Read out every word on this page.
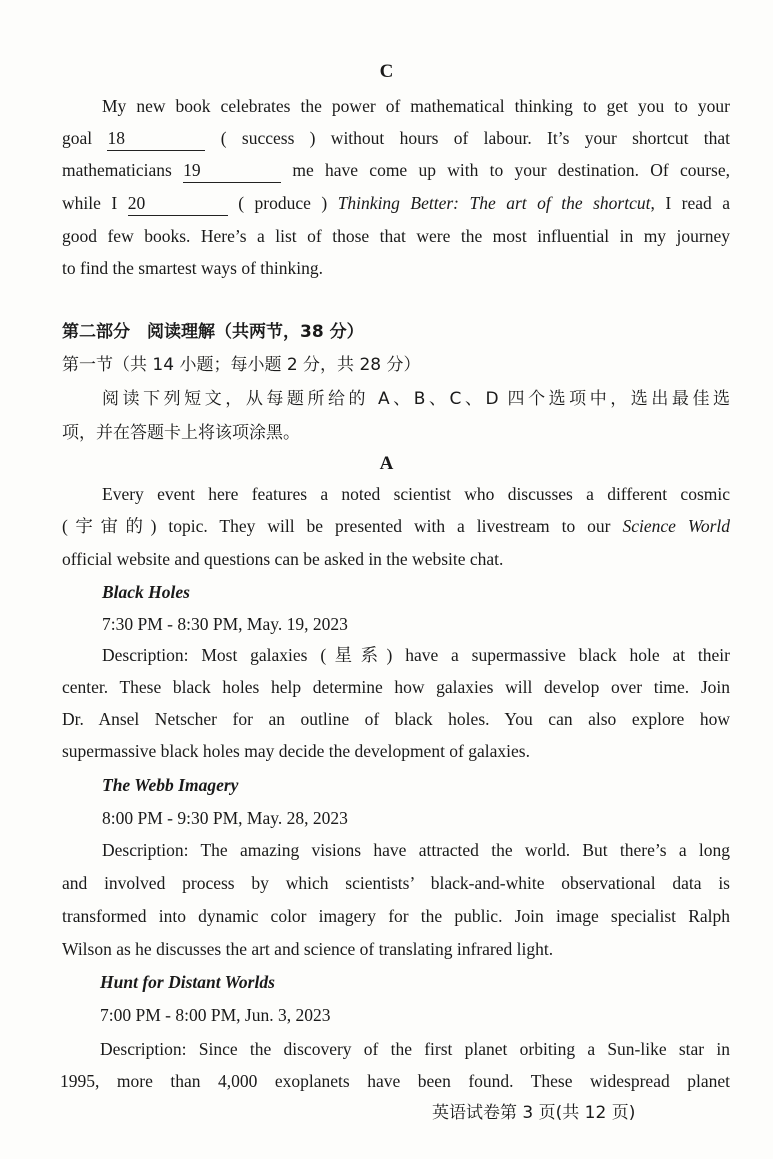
C
My new book celebrates the power of mathematical thinking to get you to your
goal 18	( success ) without hours of labour. It’s your shortcut that
mathematicians 19	me have come up with to your destination. Of course,
while I 20	( produce ) Thinking Better: The art of the shortcut, I read a
good few books. Here’s a list of those that were the most influential in my journey
to find the smartest ways of thinking.
第二部分　阅读理解（共两节，38 分）
第一节（共 14 小题；每小题 2 分，共 28 分）
阅读下列短文，从每题所给的 A、B、C、D 四个选项中，选出最佳选
项，并在答题卡上将该项涂黑。
A
Every event here features a noted scientist who discusses a different cosmic
(宇宙的) topic. They will be presented with a livestream to our Science World
official website and questions can be asked in the website chat.
Black Holes
7:30 PM - 8:30 PM, May. 19, 2023
Description: Most galaxies (星系) have a supermassive black hole at their
center. These black holes help determine how galaxies will develop over time. Join
Dr. Ansel Netscher for an outline of black holes. You can also explore how
supermassive black holes may decide the development of galaxies.
The Webb Imagery
8:00 PM - 9:30 PM, May. 28, 2023
Description: The amazing visions have attracted the world. But there’s a long
and involved process by which scientists’ black-and-white observational data is
transformed into dynamic color imagery for the public. Join image specialist Ralph
Wilson as he discusses the art and science of translating infrared light.
Hunt for Distant Worlds
7:00 PM - 8:00 PM, Jun. 3, 2023
Description: Since the discovery of the first planet orbiting a Sun-like star in
1995, more than 4,000 exoplanets have been found. These widespread planet
英语试卷第 3 页(共 12 页)
